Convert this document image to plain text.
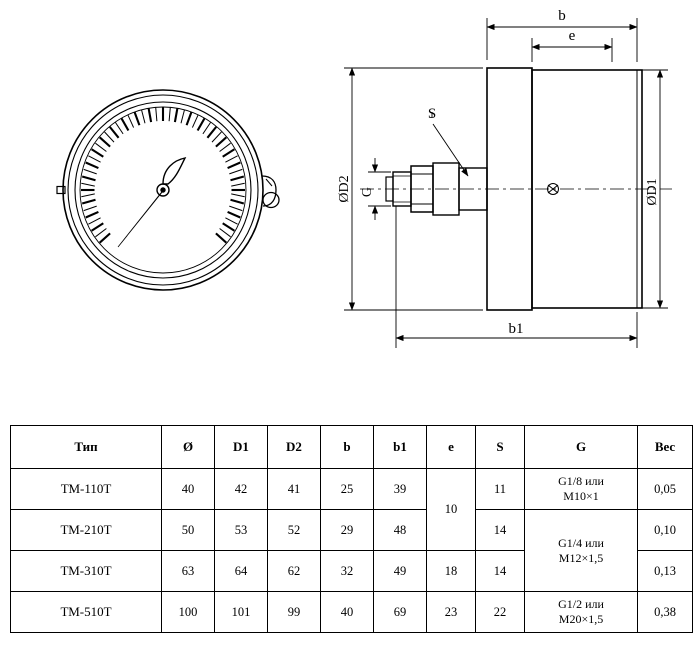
b
e
b1
ØD2 G	ØD1
S
Тип	Ø	D1	D2	b	b1	e	S	G	Вес
ТМ-110Т	40	42	41	25	39	10	11	G1/8 или
М10×1	0,05
ТМ-210Т	50	53	52	29	48		14	G1/4 или
М12×1,5	0,10
ТМ-310Т	63	64	62	32	49	18	14		0,13
ТМ-510Т	100	101	99	40	69	23	22	G1/2 или
М20×1,5	0,38
